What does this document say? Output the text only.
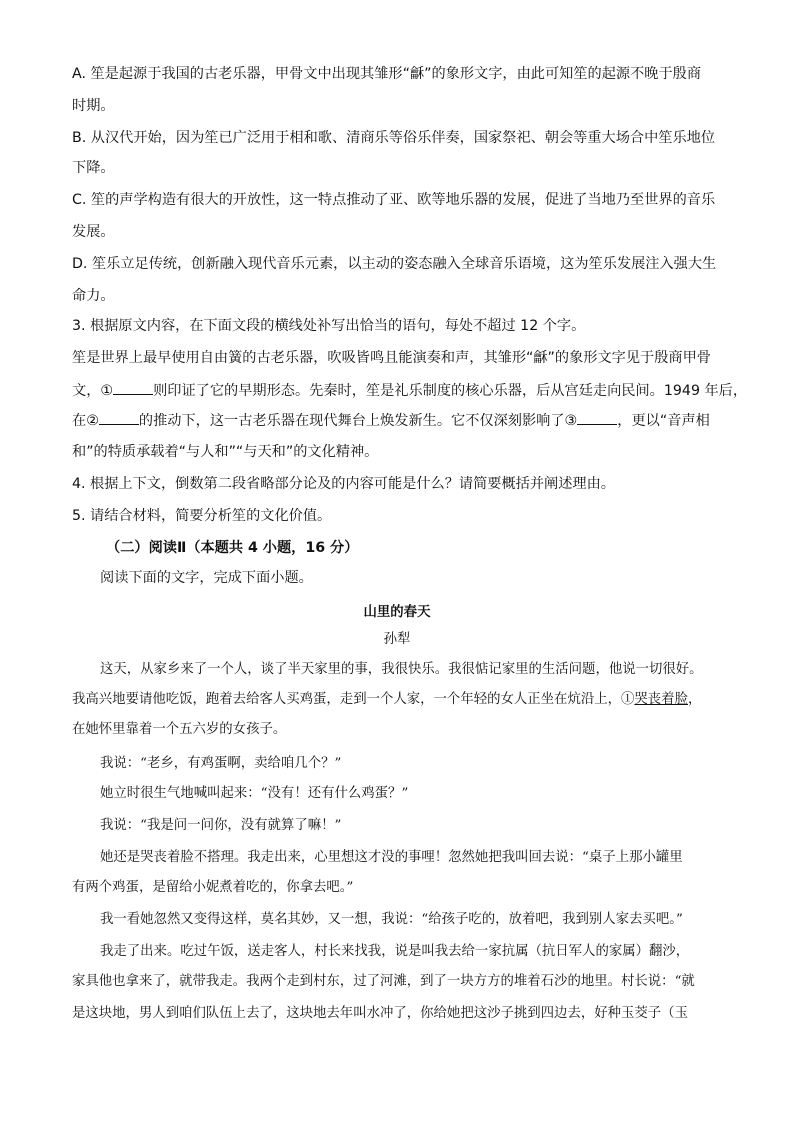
A. 笙是起源于我国的古老乐器，甲骨文中出现其雏形“龢”的象形文字，由此可知笙的起源不晚于殷商
时期。
B. 从汉代开始，因为笙已广泛用于相和歌、清商乐等俗乐伴奏，国家祭祀、朝会等重大场合中笙乐地位
下降。
C. 笙的声学构造有很大的开放性，这一特点推动了亚、欧等地乐器的发展，促进了当地乃至世界的音乐
发展。
D. 笙乐立足传统，创新融入现代音乐元素，以主动的姿态融入全球音乐语境，这为笙乐发展注入强大生
命力。
3. 根据原文内容，在下面文段的横线处补写出恰当的语句，每处不超过 12 个字。
笙是世界上最早使用自由簧的古老乐器，吹吸皆鸣且能演奏和声，其雏形“龢”的象形文字见于殷商甲骨
文，①	则印证了它的早期形态。先秦时，笙是礼乐制度的核心乐器，后从宫廷走向民间。1949 年后，
在②	的推动下，这一古老乐器在现代舞台上焕发新生。它不仅深刻影响了③	，更以“音声相
和”的特质承载着“与人和”“与天和”的文化精神。
4. 根据上下文，倒数第二段省略部分论及的内容可能是什么？请简要概括并阐述理由。
5. 请结合材料，简要分析笙的文化价值。
（二）阅读Ⅱ（本题共 4 小题，16 分）
阅读下面的文字，完成下面小题。
山里的春天
孙犁
这天，从家乡来了一个人，谈了半天家里的事，我很快乐。我很惦记家里的生活问题，他说一切很好。
我高兴地要请他吃饭，跑着去给客人买鸡蛋，走到一个人家，一个年轻的女人正坐在炕沿上，①哭丧着脸，
在她怀里靠着一个五六岁的女孩子。
我说：“老乡，有鸡蛋啊，卖给咱几个？”
她立时很生气地喊叫起来：“没有！还有什么鸡蛋？”
我说：“我是问一问你，没有就算了嘛！”
她还是哭丧着脸不搭理。我走出来，心里想这才没的事哩！忽然她把我叫回去说：“桌子上那小罐里
有两个鸡蛋，是留给小妮煮着吃的，你拿去吧。”
我一看她忽然又变得这样，莫名其妙，又一想，我说：“给孩子吃的，放着吧，我到别人家去买吧。”
我走了出来。吃过午饭，送走客人，村长来找我，说是叫我去给一家抗属（抗日军人的家属）翻沙，
家具他也拿来了，就带我走。我两个走到村东，过了河滩，到了一块方方的堆着石沙的地里。村长说：“就
是这块地，男人到咱们队伍上去了，这块地去年叫水冲了，你给她把这沙子挑到四边去，好种玉茭子（玉
